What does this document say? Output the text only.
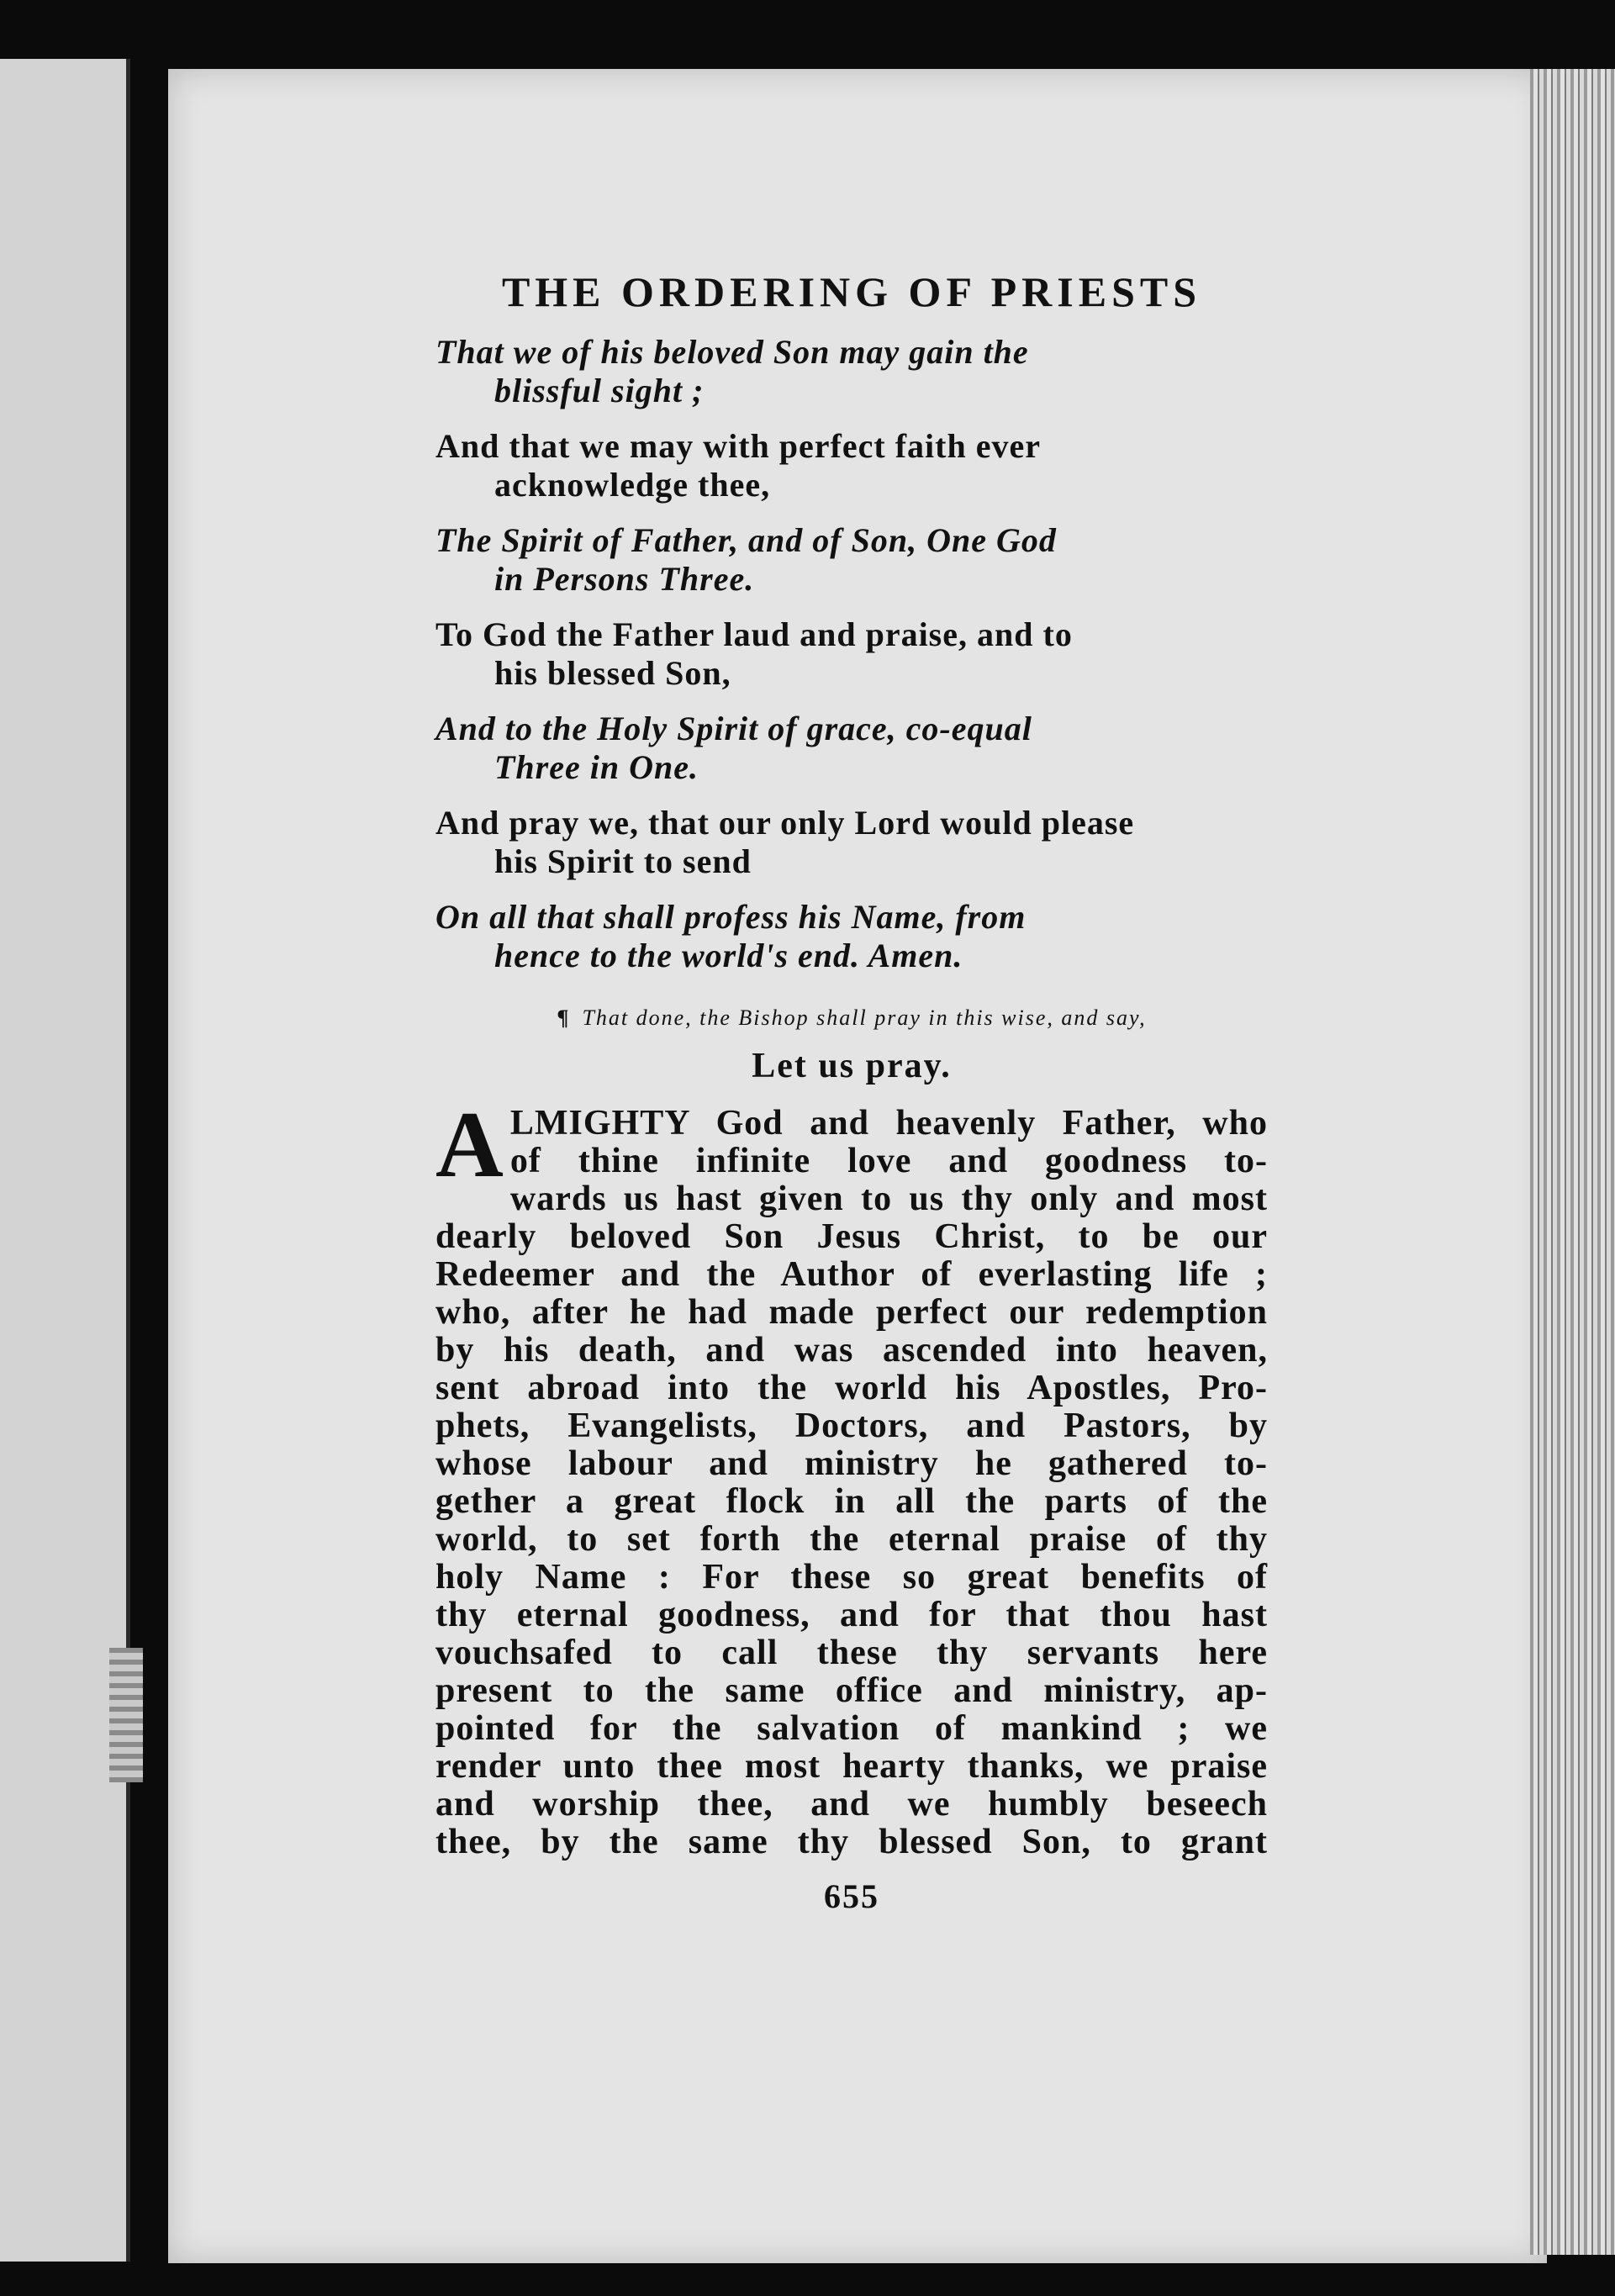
THE ORDERING OF PRIESTS
That we of his beloved Son may gain the
blissful sight ;
And that we may with perfect faith ever
acknowledge thee,
The Spirit of Father, and of Son, One God
in Persons Three.
To God the Father laud and praise, and to
his blessed Son,
And to the Holy Spirit of grace, co-equal
Three in One.
And pray we, that our only Lord would please
his Spirit to send
On all that shall profess his Name, from
hence to the world's end. Amen.
¶ That done, the Bishop shall pray in this wise, and say,
Let us pray.
A LMIGHTY God and heavenly Father, who
of thine infinite love and goodness to-
wards us hast given to us thy only and most
dearly beloved Son Jesus Christ, to be our
Redeemer and the Author of everlasting life ;
who, after he had made perfect our redemption
by his death, and was ascended into heaven,
sent abroad into the world his Apostles, Pro-
phets, Evangelists, Doctors, and Pastors, by
whose labour and ministry he gathered to-
gether a great flock in all the parts of the
world, to set forth the eternal praise of thy
holy Name : For these so great benefits of
thy eternal goodness, and for that thou hast
vouchsafed to call these thy servants here
present to the same office and ministry, ap-
pointed for the salvation of mankind ; we
render unto thee most hearty thanks, we praise
and worship thee, and we humbly beseech
thee, by the same thy blessed Son, to grant
655
